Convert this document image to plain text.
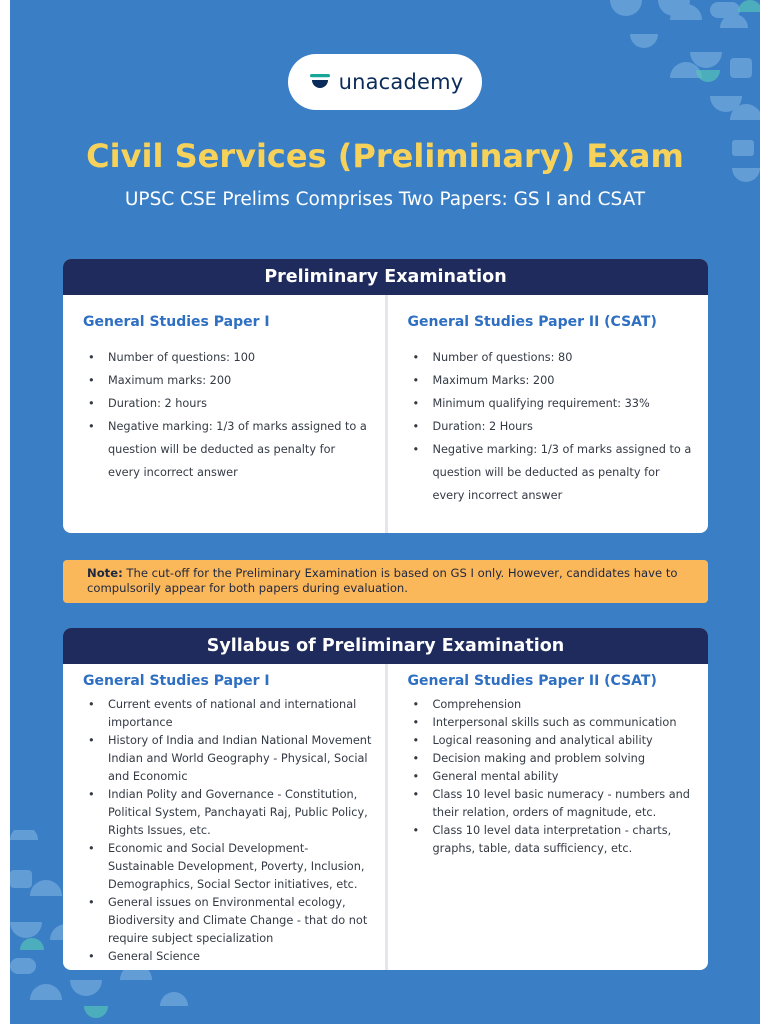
unacademy
Civil Services (Preliminary) Exam
UPSC CSE Prelims Comprises Two Papers: GS I and CSAT
Preliminary Examination
General Studies Paper I
• Number of questions: 100
• Maximum marks: 200
• Duration: 2 hours
• Negative marking: 1/3 of marks assigned to a question will be deducted as penalty for every incorrect answer
General Studies Paper II (CSAT)
• Number of questions: 80
• Maximum Marks: 200
• Minimum qualifying requirement: 33%
• Duration: 2 Hours
• Negative marking: 1/3 of marks assigned to a question will be deducted as penalty for every incorrect answer
Note: The cut-off for the Preliminary Examination is based on GS I only. However, candidates have to compulsorily appear for both papers during evaluation.
Syllabus of Preliminary Examination
General Studies Paper I
• Current events of national and international importance
• History of India and Indian National Movement Indian and World Geography - Physical, Social and Economic
• Indian Polity and Governance - Constitution, Political System, Panchayati Raj, Public Policy, Rights Issues, etc.
• Economic and Social Development- Sustainable Development, Poverty, Inclusion, Demographics, Social Sector initiatives, etc.
• General issues on Environmental ecology, Biodiversity and Climate Change - that do not require subject specialization
• General Science
General Studies Paper II (CSAT)
• Comprehension
• Interpersonal skills such as communication
• Logical reasoning and analytical ability
• Decision making and problem solving
• General mental ability
• Class 10 level basic numeracy - numbers and their relation, orders of magnitude, etc.
• Class 10 level data interpretation - charts, graphs, table, data sufficiency, etc.
